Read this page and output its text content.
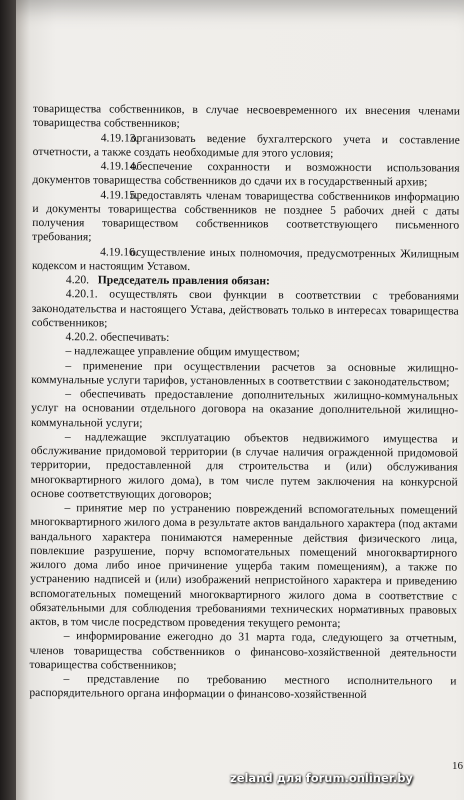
товарищества собственников, в случае несвоевременного их внесения членами товарищества собственников;

4.19.13.организовать ведение бухгалтерского учета и составление отчетности, а также создать необходимые для этого условия;

4.19.14.обеспечение сохранности и возможности использования документов товарищества собственников до сдачи их в государственный архив;

4.19.15.предоставлять членам товарищества собственников информацию и документы товарищества собственников не позднее 5 рабочих дней с даты получения товариществом собственников соответствующего письменного требования;

4.19.16.осуществление иных полномочия, предусмотренных Жилищным кодексом и настоящим Уставом.

4.20. Председатель правления обязан:

4.20.1. осуществлять свои функции в соответствии с требованиями законодательства и настоящего Устава, действовать только в интересах товарищества собственников;

4.20.2. обеспечивать:

– надлежащее управление общим имуществом;

– применение при осуществлении расчетов за основные жилищно-коммунальные услуги тарифов, установленных в соответствии с законодательством;

– обеспечивать предоставление дополнительных жилищно-коммунальных услуг на основании отдельного договора на оказание дополнительной жилищно-коммунальной услуги;

– надлежащие эксплуатацию объектов недвижимого имущества и обслуживание придомовой территории (в случае наличия огражденной придомовой территории, предоставленной для строительства и (или) обслуживания многоквартирного жилого дома), в том числе путем заключения на конкурсной основе соответствующих договоров;

– принятие мер по устранению повреждений вспомогательных помещений многоквартирного жилого дома в результате актов вандального характера (под актами вандального характера понимаются намеренные действия физического лица, повлекшие разрушение, порчу вспомогательных помещений многоквартирного жилого дома либо иное причинение ущерба таким помещениям), а также по устранению надписей и (или) изображений непристойного характера и приведению вспомогательных помещений многоквартирного жилого дома в соответствие с обязательными для соблюдения требованиями технических нормативных правовых актов, в том числе посредством проведения текущего ремонта;

– информирование ежегодно до 31 марта года, следующего за отчетным, членов товарищества собственников о финансово-хозяйственной деятельности товарищества собственников;

– представление по требованию местного исполнительного и распорядительного органа информации о финансово-хозяйственной

16
zeland для forum.onliner.by
